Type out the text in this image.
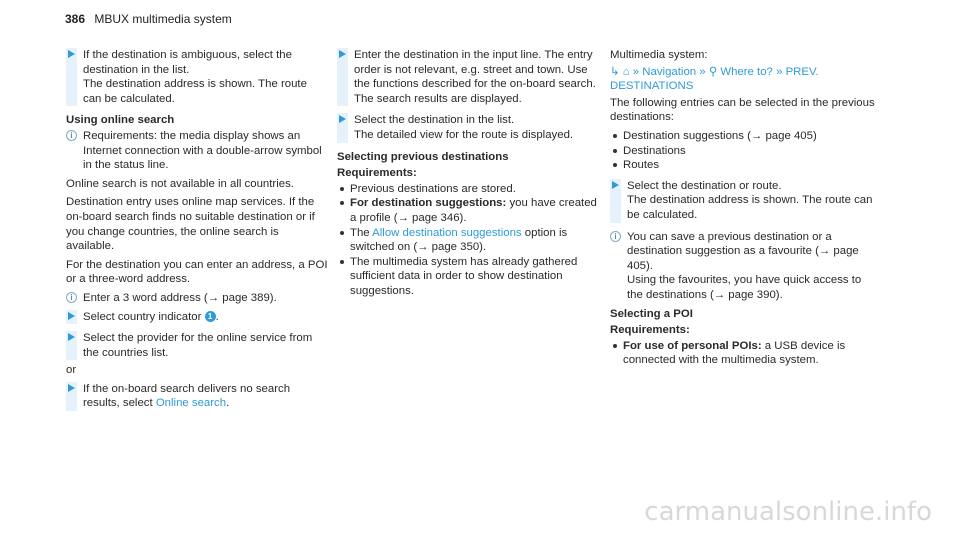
386 MBUX multimedia system
If the destination is ambiguous, select the destination in the list.
The destination address is shown. The route can be calculated.
Using online search
i Requirements: the media display shows an Internet connection with a double-arrow symbol in the status line.
Online search is not available in all countries.
Destination entry uses online map services. If the on-board search finds no suitable destination or if you change countries, the online search is available.
For the destination you can enter an address, a POI or a three-word address.
i Enter a 3 word address (→ page 389).
Select country indicator 1 .
Select the provider for the online service from the countries list.
or
If the on-board search delivers no search results, select Online search.
Enter the destination in the input line. The entry order is not relevant, e.g. street and town. Use the functions described for the on-board search.
The search results are displayed.
Select the destination in the list.
The detailed view for the route is displayed.
Selecting previous destinations
Requirements:
Previous destinations are stored.
For destination suggestions: you have created a profile (→ page 346).
The Allow destination suggestions option is switched on (→ page 350).
The multimedia system has already gathered sufficient data in order to show destination suggestions.
Multimedia system:
↳ ⌂ » Navigation » ⚲ Where to? » PREV. DESTINATIONS
The following entries can be selected in the previous destinations:
Destination suggestions (→ page 405)
Destinations
Routes
Select the destination or route.
The destination address is shown. The route can be calculated.
i You can save a previous destination or a destination suggestion as a favourite (→ page 405).
Using the favourites, you have quick access to the destinations (→ page 390).
Selecting a POI
Requirements:
For use of personal POIs: a USB device is connected with the multimedia system.
carmanualsonline.info
